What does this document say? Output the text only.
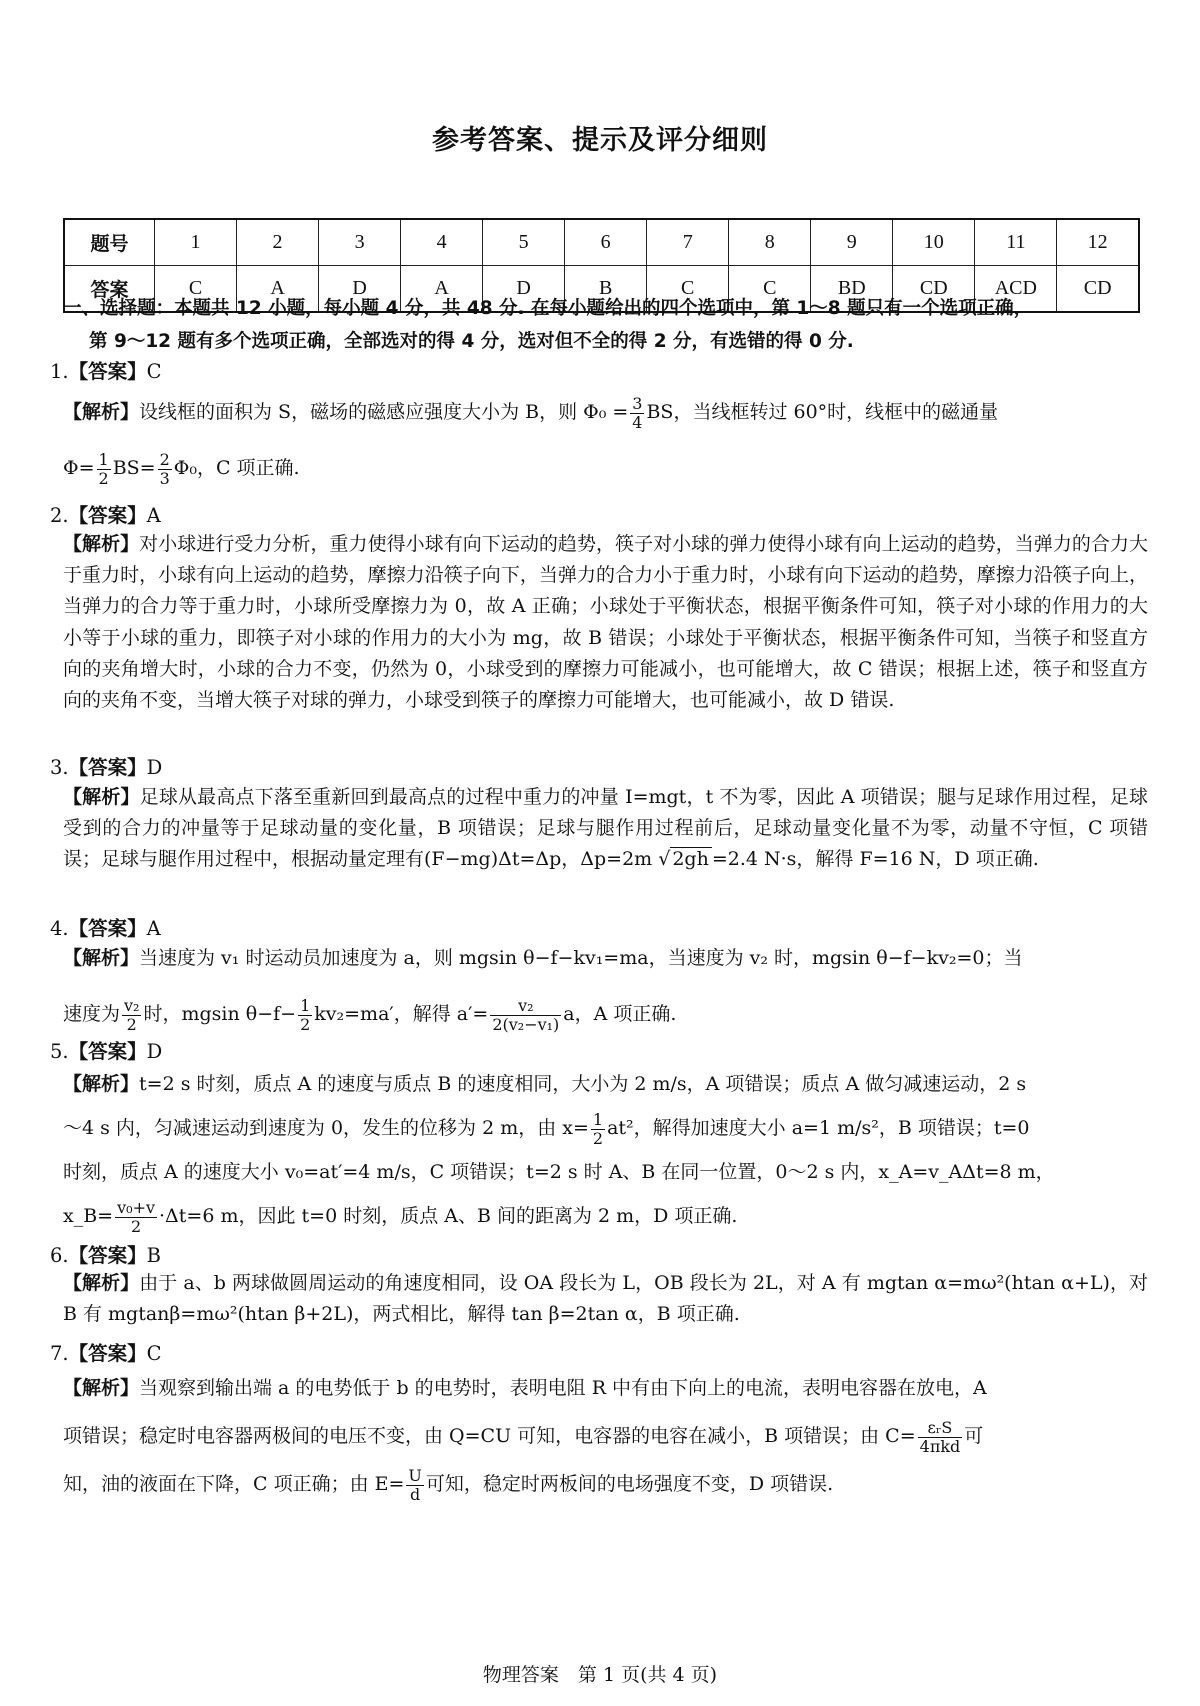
参考答案、提示及评分细则
题号	1	2	3	4	5	6	7	8	9	10	11	12
答案	C	A	D	A	D	B	C	C	BD	CD	ACD	CD
一、选择题：本题共 12 小题，每小题 4 分，共 48 分. 在每小题给出的四个选项中，第 1～8 题只有一个选项正确，
第 9～12 题有多个选项正确，全部选对的得 4 分，选对但不全的得 2 分，有选错的得 0 分.
1.【答案】C

【解析】设线框的面积为 S，磁场的磁感应强度大小为 B，则 $\Phi_0 = \frac{3}{4}$ BS，当线框转过 60°时，线框中的磁通量

$\Phi= \frac{1}{2} BS= \frac{2}{3} \Phi_0$，C 项正确.

2.【答案】A

【解析】对小球进行受力分析，重力使得小球有向下运动的趋势，筷子对小球的弹力使得小球有向上运动的趋势，当弹力的合力大于重力时，小球有向上运动的趋势，摩擦力沿筷子向下，当弹力的合力小于重力时，小球有向下运动的趋势，摩擦力沿筷子向上，当弹力的合力等于重力时，小球所受摩擦力为 0，故 A 正确；小球处于平衡状态，根据平衡条件可知，筷子对小球的作用力的大小等于小球的重力，即筷子对小球的作用力的大小为 mg，故 B 错误；小球处于平衡状态，根据平衡条件可知，当筷子和竖直方向的夹角增大时，小球的合力不变，仍然为 0，小球受到的摩擦力可能减小，也可能增大，故 C 错误；根据上述，筷子和竖直方向的夹角不变，当增大筷子对球的弹力，小球受到筷子的摩擦力可能增大，也可能减小，故 D 错误.

3.【答案】D

【解析】足球从最高点下落至重新回到最高点的过程中重力的冲量 I=mgt，t 不为零，因此 A 项错误；腿与足球作用过程，足球受到的合力的冲量等于足球动量的变化量，B 项错误；足球与腿作用过程前后，足球动量变化量不为零，动量不守恒，C 项错误；足球与腿作用过程中，根据动量定理有(F−mg)Δt=Δp，Δp=2m √ 2gh =2.4 N·s，解得 F=16 N，D 项正确.

4.【答案】A

【解析】当速度为 v₁ 时运动员加速度为 a，则 mgsin θ−f−kv₁=ma，当速度为 v₂ 时，mgsin θ−f−kv₂=0；当

速度为 $\frac{\text{v₂}}{2}$ 时，mgsin $\theta-f- \frac{1}{2} kv_2=ma'$，解得 $a'= \frac{\text{v₂}}{\text{2(v₂−v₁)}}$ a，A 项正确.

5.【答案】D

【解析】t=2 s 时刻，质点 A 的速度与质点 B 的速度相同，大小为 2 m/s，A 项错误；质点 A 做匀减速运动，2 s

～4 s 内，匀减速运动到速度为 0，发生的位移为 2 m，由 $x= \frac{1}{2} at^2$，解得加速度大小 a=1 m/s²，B 项错误；t=0

时刻，质点 A 的速度大小 v₀=at′=4 m/s，C 项错误；t=2 s 时 A、B 在同一位置，0～2 s 内，x_A=v_AΔt=8 m，

x_B= $\frac{\text{v₀+v}}{2} \cdot\Delta t=6$ m，因此 t=0 时刻，质点 A、B 间的距离为 2 m，D 项正确.

6.【答案】B

【解析】由于 a、b 两球做圆周运动的角速度相同，设 OA 段长为 L，OB 段长为 2L，对 A 有 mgtan α=mω²(htan α+L)，对 B 有 mgtanβ=mω²(htan β+2L)，两式相比，解得 tan β=2tan α，B 项正确.

7.【答案】C

【解析】当观察到输出端 a 的电势低于 b 的电势时，表明电阻 R 中有由下向上的电流，表明电容器在放电，A

项错误；稳定时电容器两极间的电压不变，由 Q=CU 可知，电容器的电容在减小，B 项错误；由 $C= \frac{\text{εᵣS}}{\text{4πkd}}$ 可

知，油的液面在下降，C 项正确；由 $E= \frac{U}{d}$ 可知，稳定时两板间的电场强度不变，D 项错误.

物理答案　第 1 页(共 4 页)
